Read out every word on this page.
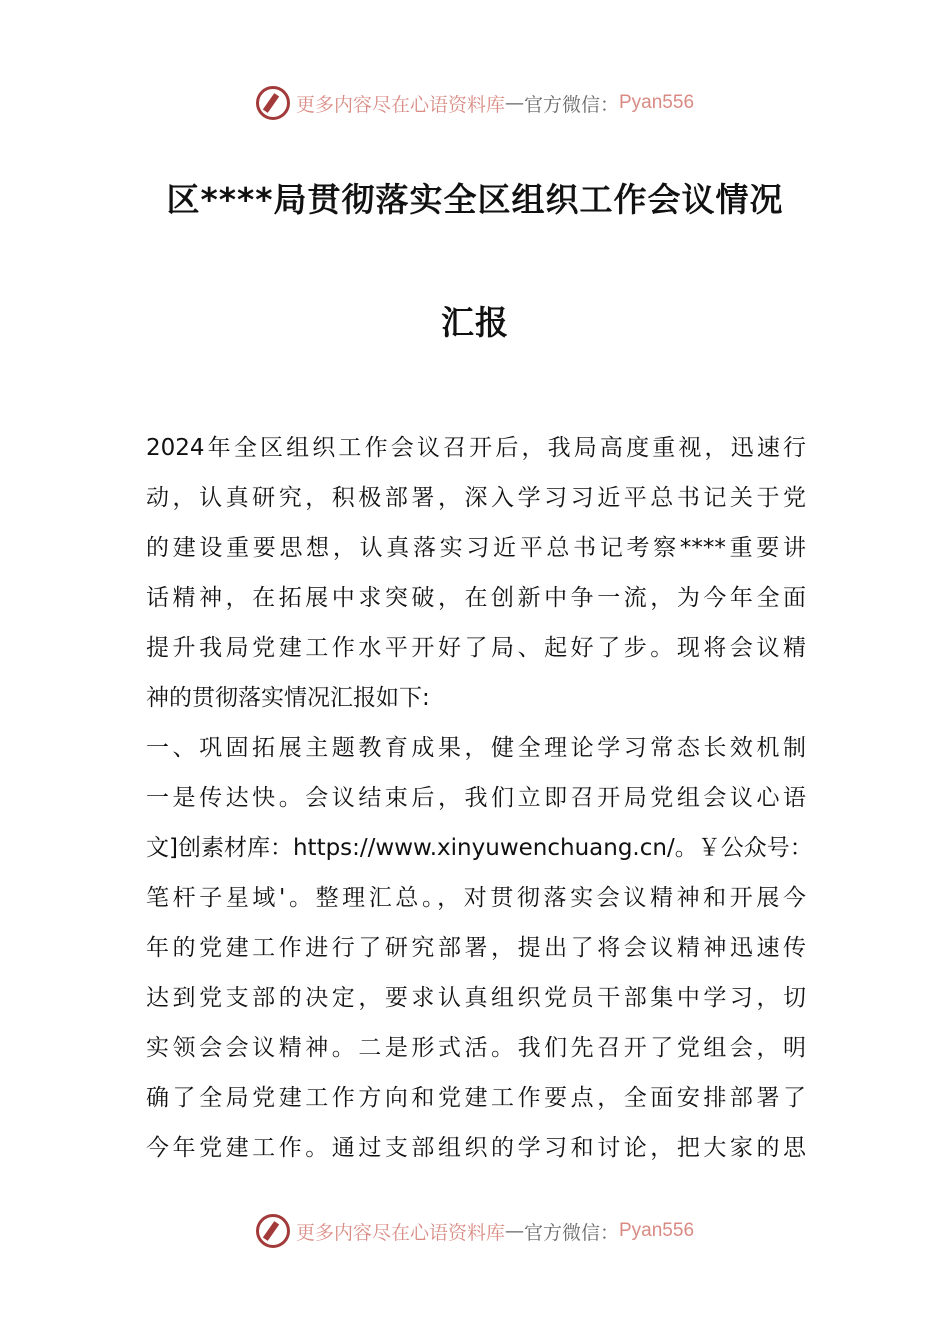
更多内容尽在心语资料库 — 官方微信： Pyan556
区****局贯彻落实全区组织工作会议情况
汇报
2024年全区组织工作会议召开后，我局高度重视，迅速行
动，认真研究，积极部署，深入学习习近平总书记关于党
的建设重要思想，认真落实习近平总书记考察****重要讲
话精神，在拓展中求突破，在创新中争一流，为今年全面
提升我局党建工作水平开好了局、起好了步。现将会议精
神的贯彻落实情况汇报如下:
一、巩固拓展主题教育成果，健全理论学习常态长效机制
一是传达快。会议结束后，我们立即召开局党组会议心语
文]创素材库：https://www.xinyuwenchuang.cn/。￥公众号：
笔杆子星域'。整理汇总。，对贯彻落实会议精神和开展今
年的党建工作进行了研究部署，提出了将会议精神迅速传
达到党支部的决定，要求认真组织党员干部集中学习，切
实领会会议精神。二是形式活。我们先召开了党组会，明
确了全局党建工作方向和党建工作要点，全面安排部署了
今年党建工作。通过支部组织的学习和讨论，把大家的思
更多内容尽在心语资料库 — 官方微信： Pyan556
